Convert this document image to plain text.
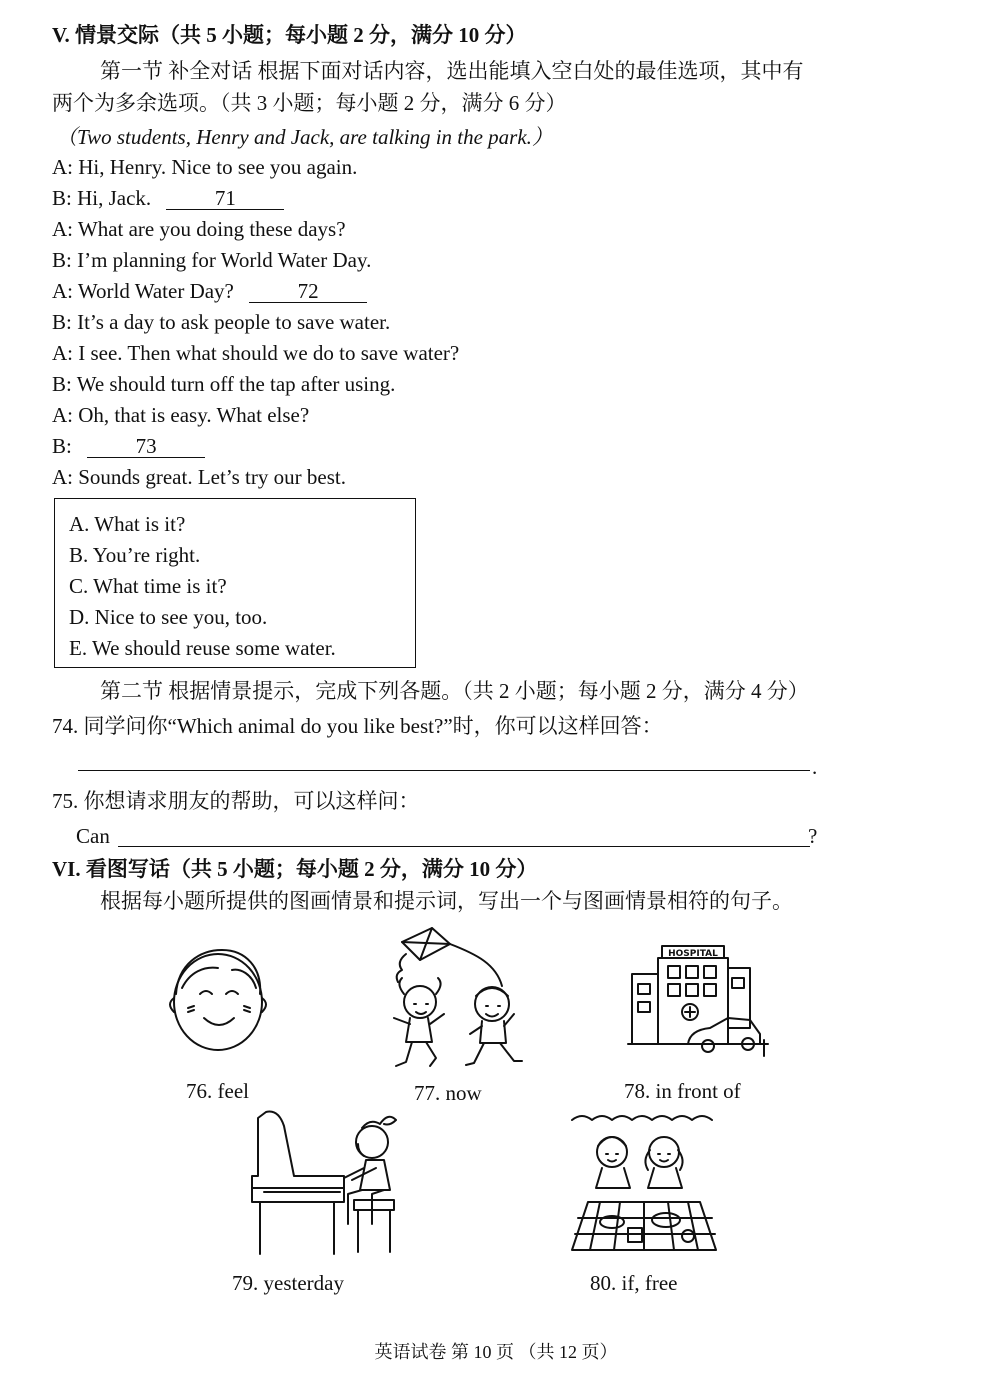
V. 情景交际（共 5 小题；每小题 2 分，满分 10 分）
第一节 补全对话 根据下面对话内容，选出能填入空白处的最佳选项，其中有
两个为多余选项。（共 3 小题；每小题 2 分，满分 6 分）
（Two students, Henry and Jack, are talking in the park.）
A: Hi, Henry. Nice to see you again.
B: Hi, Jack.	71
A: What are you doing these days?
B: I’m planning for World Water Day.
A: World Water Day?	72
B: It’s a day to ask people to save water.
A: I see. Then what should we do to save water?
B: We should turn off the tap after using.
A: Oh, that is easy. What else?
B:	73
A: Sounds great. Let’s try our best.
A. What is it?
B. You’re right.
C. What time is it?
D. Nice to see you, too.
E. We should reuse some water.
第二节 根据情景提示，完成下列各题。（共 2 小题；每小题 2 分，满分 4 分）
74. 同学问你“Which animal do you like best?”时，你可以这样回答：
.
75. 你想请求朋友的帮助，可以这样问：
Can	?
VI. 看图写话（共 5 小题；每小题 2 分，满分 10 分）
根据每小题所提供的图画情景和提示词，写出一个与图画情景相符的句子。
HOSPITAL
76. feel	77. now	78. in front of
79. yesterday	80. if, free
英语试卷 第 10 页 （共 12 页）
